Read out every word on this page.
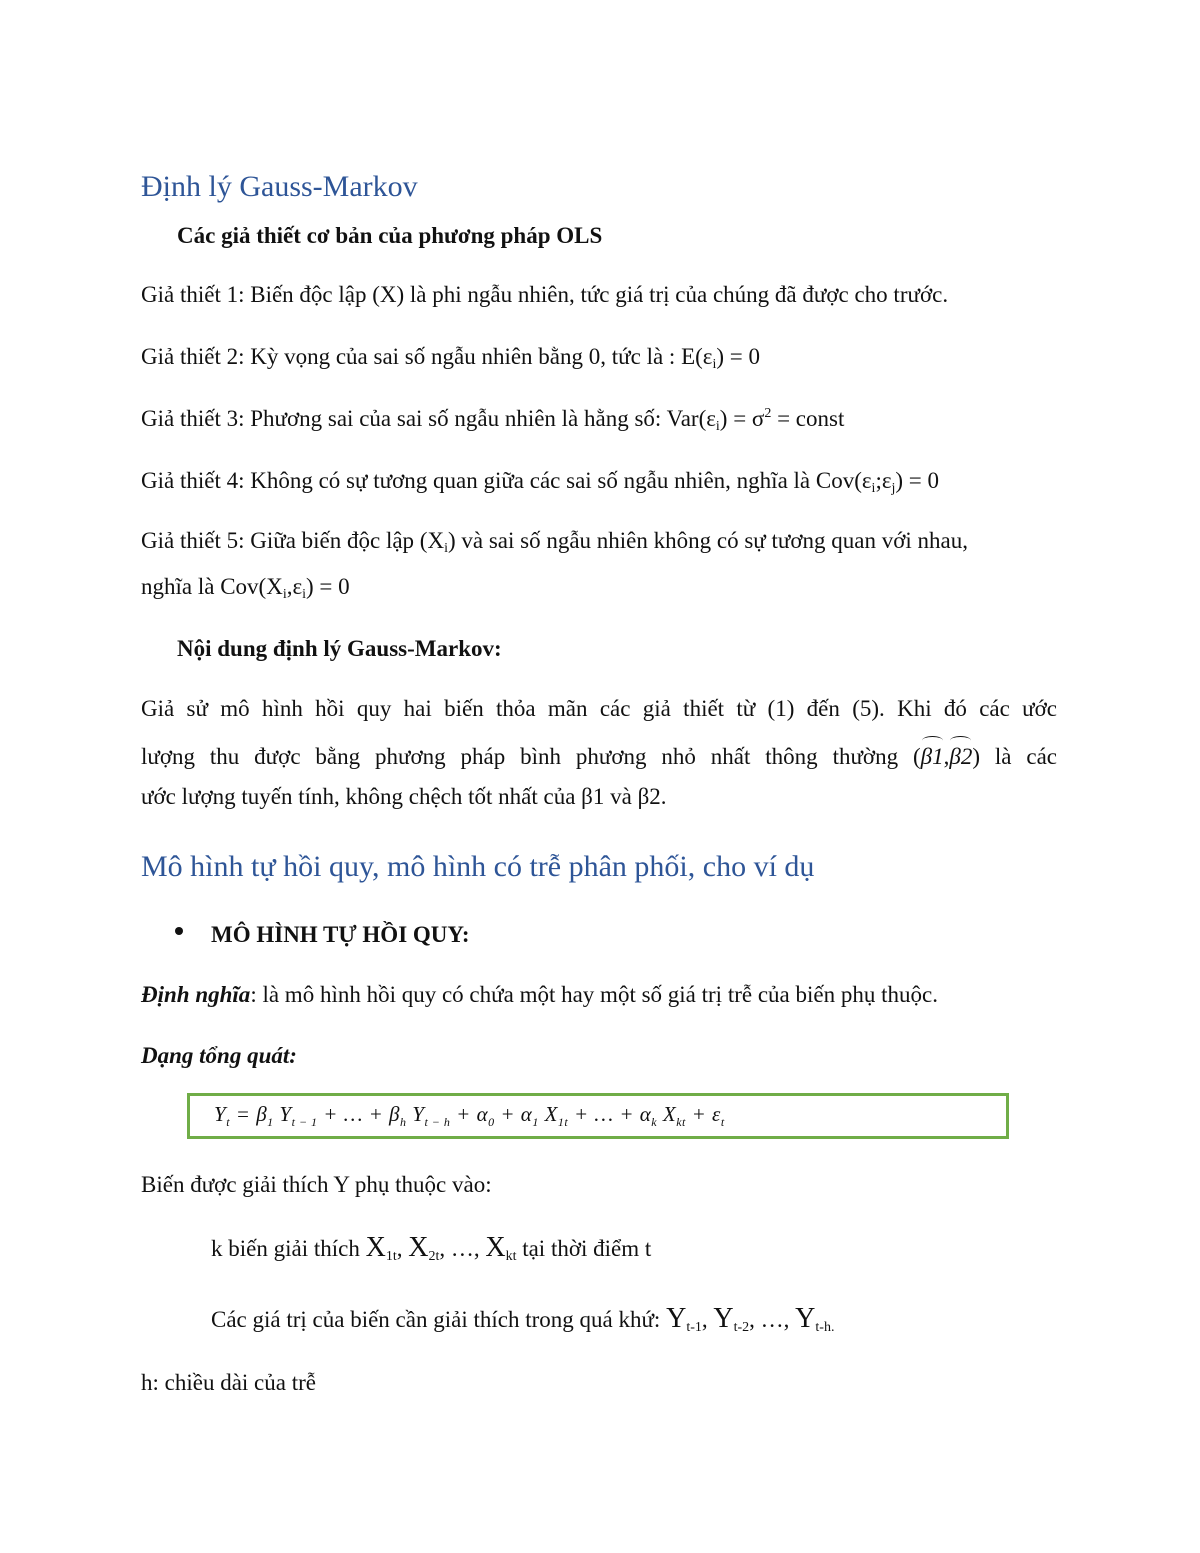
Định lý Gauss-Markov
Các giả thiết cơ bản của phương pháp OLS
Giả thiết 1: Biến độc lập (X) là phi ngẫu nhiên, tức giá trị của chúng đã được cho trước.
Giả thiết 2: Kỳ vọng của sai số ngẫu nhiên bằng 0, tức là : $E(\varepsilon_i) = 0$
Giả thiết 3: Phương sai của sai số ngẫu nhiên là hằng số: $Var(\varepsilon_i) = \sigma^2$ = const
Giả thiết 4: Không có sự tương quan giữa các sai số ngẫu nhiên, nghĩa là $Cov(\varepsilon_i;\varepsilon_j) = 0$
Giả thiết 5: Giữa biến độc lập $(X_i)$ và sai số ngẫu nhiên không có sự tương quan với nhau,
nghĩa là $Cov(X_i,\varepsilon_i) = 0$
Nội dung định lý Gauss-Markov:
Giả sử mô hình hồi quy hai biến thỏa mãn các giả thiết từ (1) đến (5). Khi đó các ước
lượng thu được bằng phương pháp bình phương nhỏ nhất thông thường (β1,β2) là các
ước lượng tuyến tính, không chệch tốt nhất của β1 và β2.
Mô hình tự hồi quy, mô hình có trễ phân phối, cho ví dụ
MÔ HÌNH TỰ HỒI QUY:
Định nghĩa: là mô hình hồi quy có chứa một hay một số giá trị trễ của biến phụ thuộc.
Dạng tổng quát:
$Y_t = \beta_1$ $Y_{t - 1}$ + … + $\beta_h$ $Y_{t - h} + \alpha_0 + \alpha_1$ $X_{1t}$ + … + $\alpha_k$ $X_{kt} + \varepsilon_t$
Biến được giải thích Y phụ thuộc vào:
k biến giải thích $X_{1t}$, $X_{2t}$, …, $X_{kt}$ tại thời điểm t
Các giá trị của biến cần giải thích trong quá khứ: $Y_{t-1}$, $Y_{t-2}$, …, $Y_{t-h.}$
h: chiều dài của trễ
